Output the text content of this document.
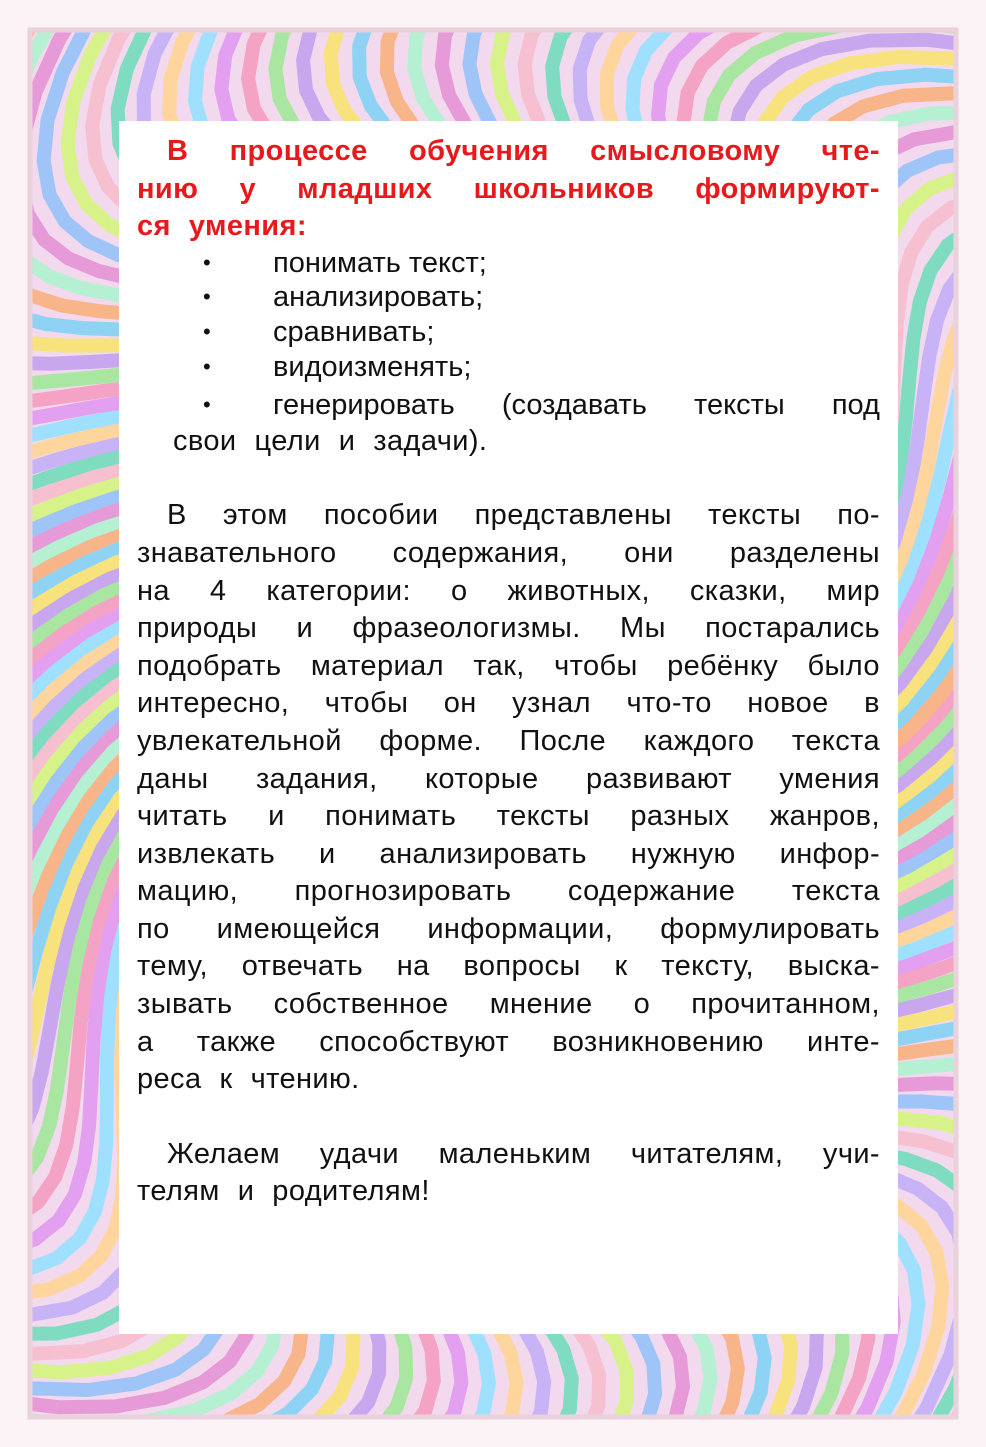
В процессе обучения смысловому чте-
нию у младших школьников формируют-
ся умения:
•	понимать текст;
•	анализировать;
•	сравнивать;
•	видоизменять;
•	генерировать (создавать тексты под
свои цели и задачи).
В этом пособии представлены тексты по-
знавательного содержания, они разделены
на 4 категории: о животных, сказки, мир
природы и фразеологизмы. Мы постарались
подобрать материал так, чтобы ребёнку было
интересно, чтобы он узнал что-то новое в
увлекательной форме. После каждого текста
даны задания, которые развивают умения
читать и понимать тексты разных жанров,
извлекать и анализировать нужную инфор-
мацию, прогнозировать содержание текста
по имеющейся информации, формулировать
тему, отвечать на вопросы к тексту, выска-
зывать собственное мнение о прочитанном,
а также способствуют возникновению инте-
реса к чтению.
Желаем удачи маленьким читателям, учи-
телям и родителям!
